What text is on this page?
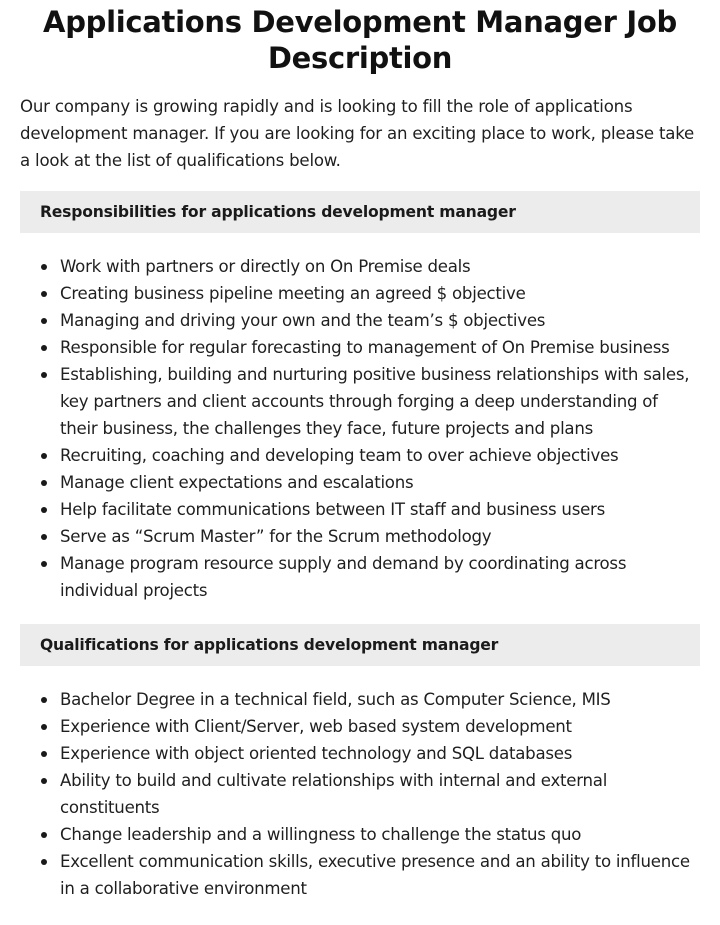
Applications Development Manager Job Description

Our company is growing rapidly and is looking to fill the role of applications development manager. If you are looking for an exciting place to work, please take a look at the list of qualifications below.

Responsibilities for applications development manager
Work with partners or directly on On Premise deals
Creating business pipeline meeting an agreed $ objective
Managing and driving your own and the team’s $ objectives
Responsible for regular forecasting to management of On Premise business
Establishing, building and nurturing positive business relationships with sales, key partners and client accounts through forging a deep understanding of their business, the challenges they face, future projects and plans
Recruiting, coaching and developing team to over achieve objectives
Manage client expectations and escalations
Help facilitate communications between IT staff and business users
Serve as “Scrum Master” for the Scrum methodology
Manage program resource supply and demand by coordinating across individual projects
Qualifications for applications development manager
Bachelor Degree in a technical field, such as Computer Science, MIS
Experience with Client/Server, web based system development
Experience with object oriented technology and SQL databases
Ability to build and cultivate relationships with internal and external constituents
Change leadership and a willingness to challenge the status quo
Excellent communication skills, executive presence and an ability to influence in a collaborative environment
